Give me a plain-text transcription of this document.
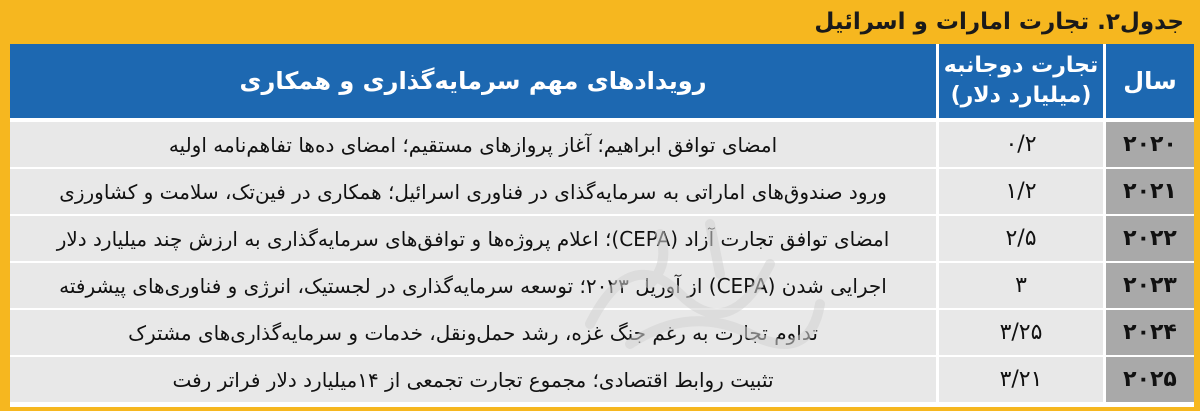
جدول۲. تجارت امارات و اسرائیل
سال
تجارت دوجانبه
(میلیارد دلار)
رویدادهای مهم سرمایه‌گذاری و همکاری
۲۰۲۰
۰/۲
امضای توافق ابراهیم؛ آغاز پروازهای مستقیم؛ امضای ده‌ها تفاهم‌نامه اولیه
۲۰۲۱
۱/۲
ورود صندوق‌های اماراتی به سرمایه‌گذای در فناوری اسرائیل؛ همکاری در فین‌تک، سلامت و کشاورزی
۲۰۲۲
۲/۵
امضای توافق تجارت آزاد (CEPA)؛ اعلام پروژه‌ها و توافق‌های سرمایه‌گذاری به ارزش چند میلیارد دلار
۲۰۲۳
۳
اجرایی شدن (CEPA) از آوریل ۲۰۲۳؛ توسعه سرمایه‌گذاری در لجستیک، انرژی و فناوری‌های پیشرفته
۲۰۲۴
۳/۲۵
تداوم تجارت به رغم جنگ غزه، رشد حمل‌ونقل، خدمات و سرمایه‌گذاری‌های مشترک
۲۰۲۵
۳/۲۱
تثبیت روابط اقتصادی؛ مجموع تجارت تجمعی از ۱۴میلیارد دلار فراتر رفت
